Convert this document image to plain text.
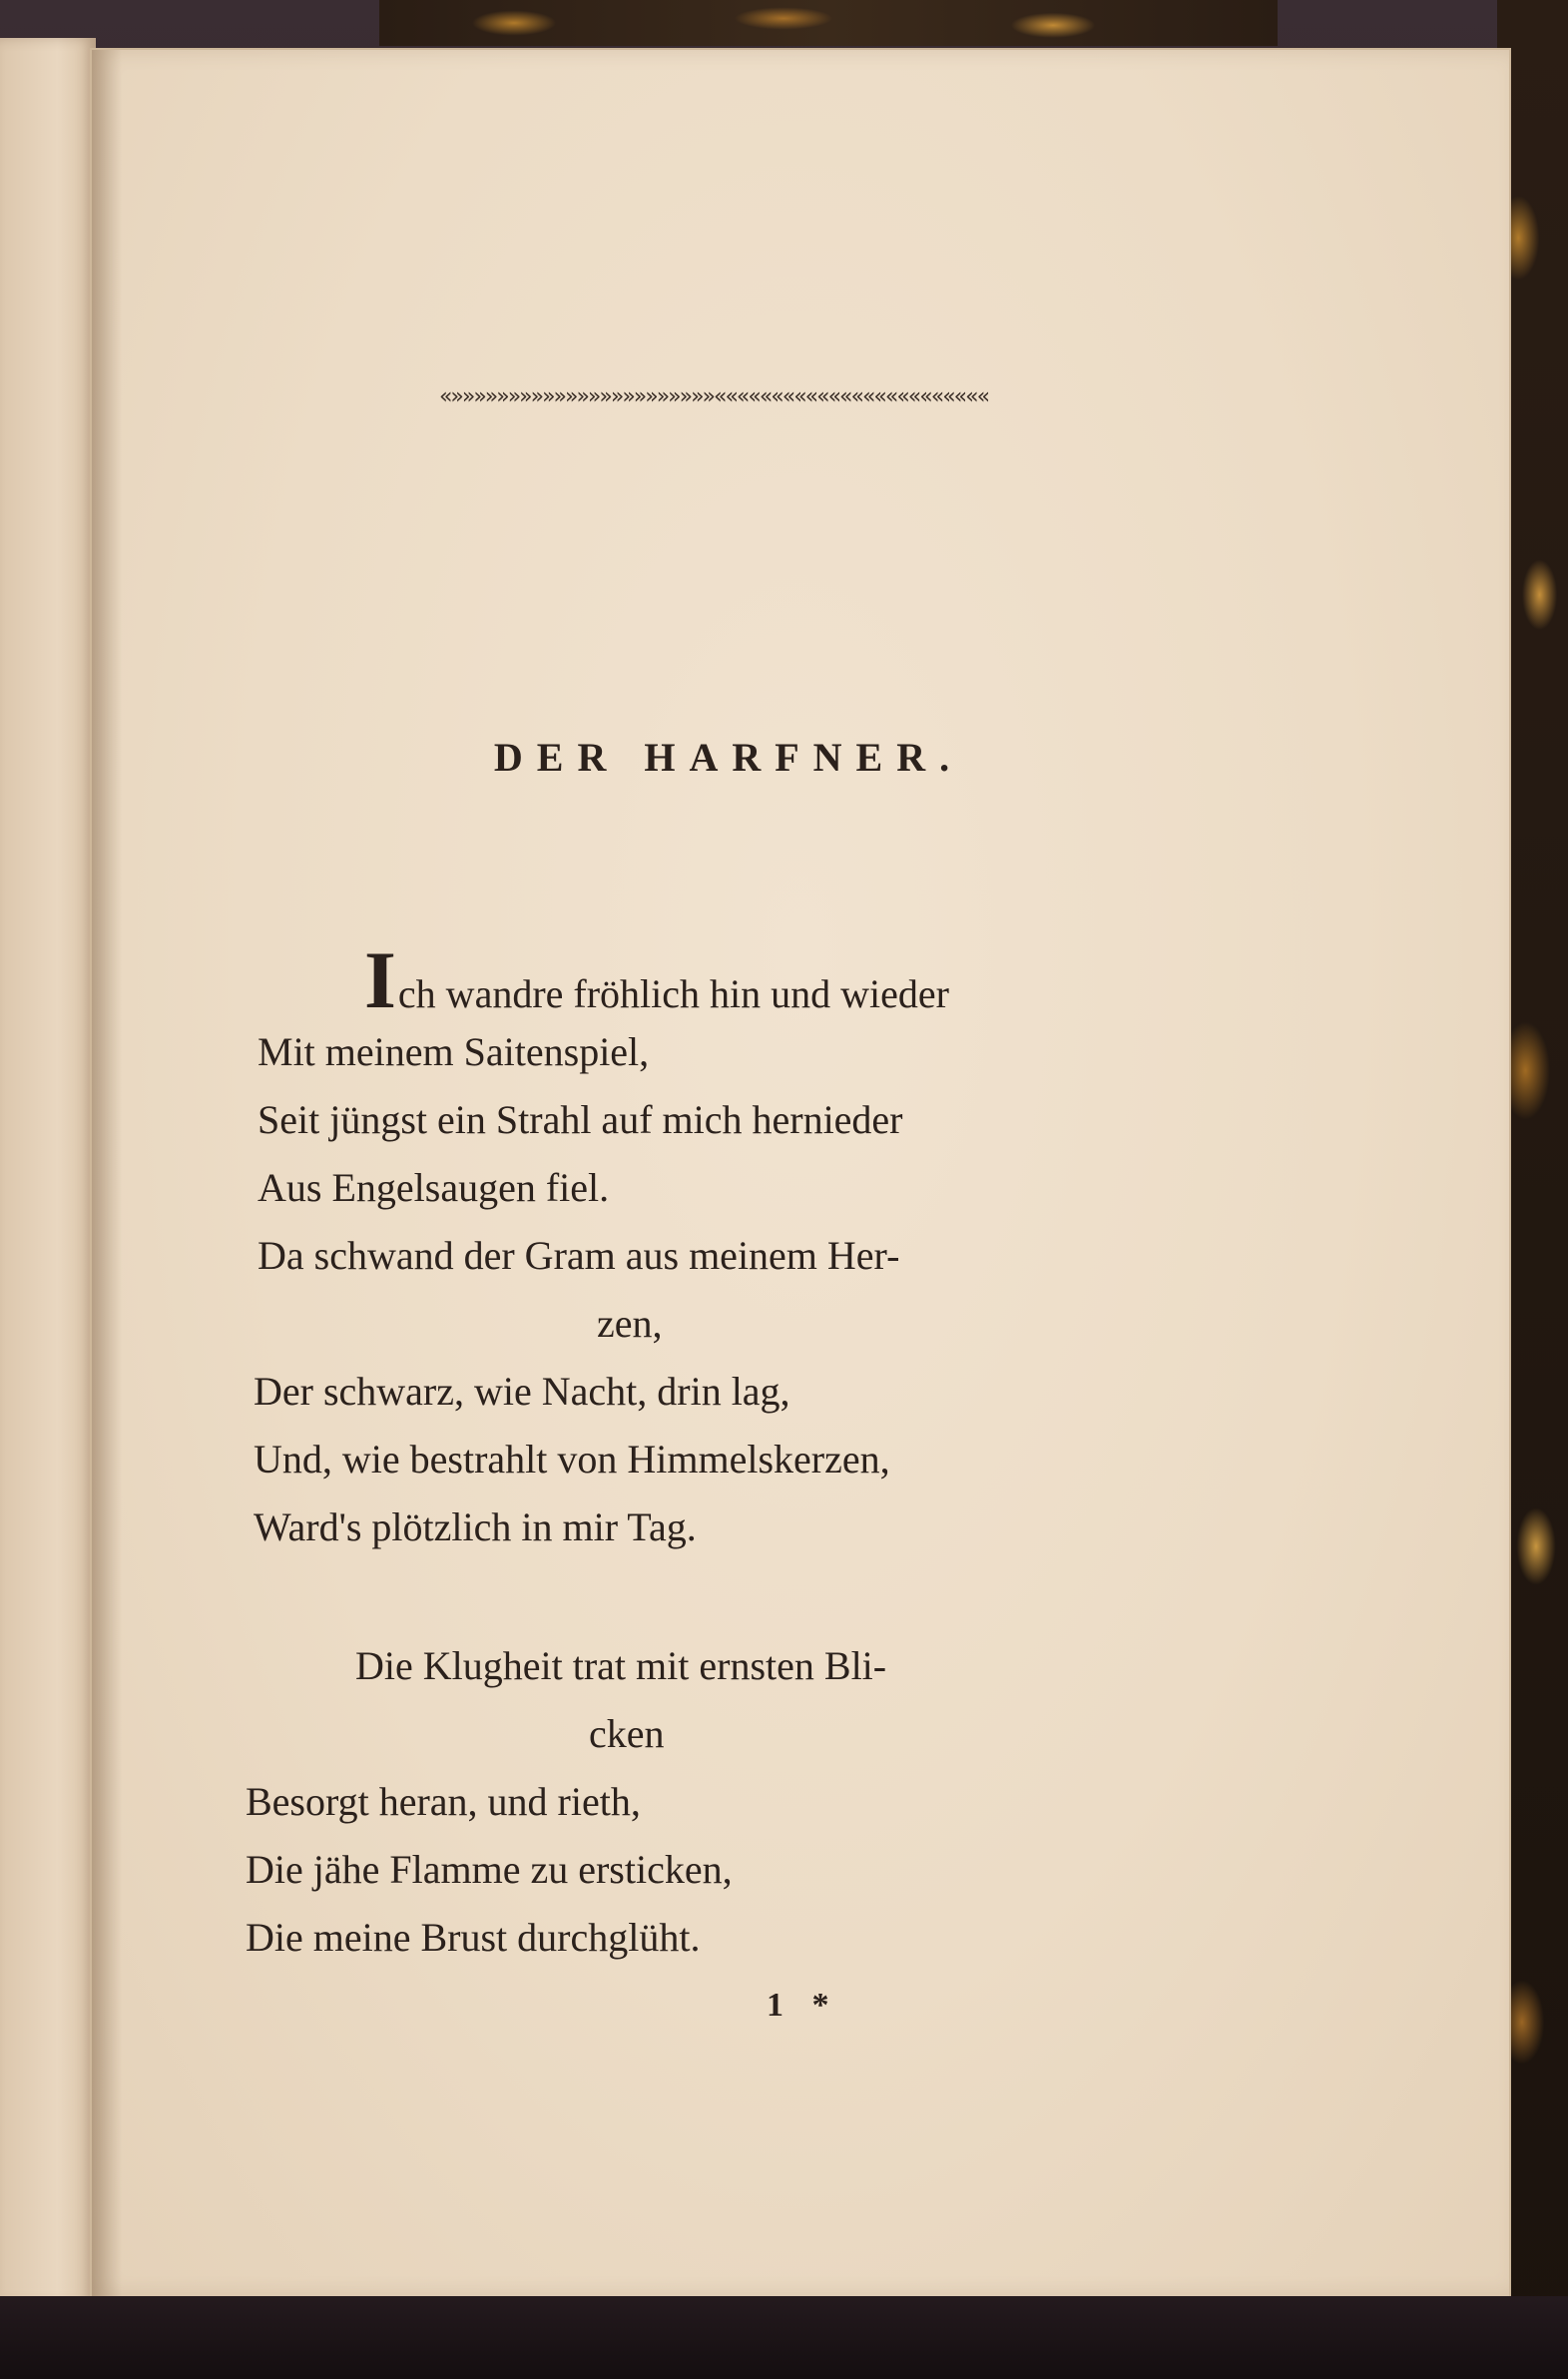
«»»»»»»»»»»»»»»»»»»»»»»»««««««««««««««««««««««««
DER HARFNER.
Ich wandre fröhlich hin und wieder
Mit meinem Saitenspiel,
Seit jüngst ein Strahl auf mich hernieder
Aus Engelsaugen fiel.
Da schwand der Gram aus meinem Her-
zen,
Der schwarz, wie Nacht, drin lag,
Und, wie bestrahlt von Himmelskerzen,
Ward's plötzlich in mir Tag.
Die Klugheit trat mit ernsten Bli-
cken
Besorgt heran, und rieth,
Die jähe Flamme zu ersticken,
Die meine Brust durchglüht.
1 *
